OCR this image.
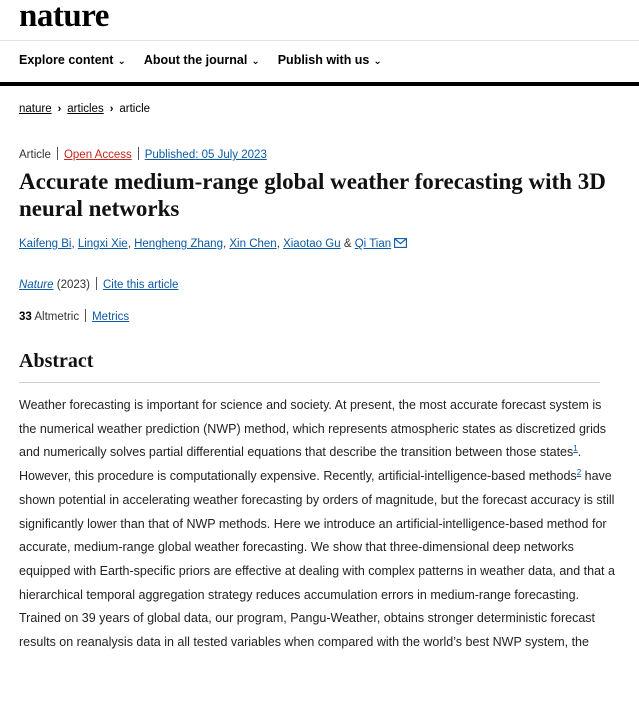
nature
Explore content ⌄ About the journal ⌄ Publish with us ⌄
nature › articles › article
Article Open Access Published: 05 July 2023
Accurate medium-range global weather forecasting with 3D neural networks
Kaifeng Bi, Lingxi Xie, Hengheng Zhang, Xin Chen, Xiaotao Gu & Qi Tian
Nature (2023) Cite this article
33 Altmetric Metrics
Abstract

Weather forecasting is important for science and society. At present, the most accurate forecast system is the numerical weather prediction (NWP) method, which represents atmospheric states as discretized grids and numerically solves partial differential equations that describe the transition between those states$^1$. However, this procedure is computationally expensive. Recently, artificial-intelligence-based methods$^2$ have shown potential in accelerating weather forecasting by orders of magnitude, but the forecast accuracy is still significantly lower than that of NWP methods. Here we introduce an artificial-intelligence-based method for accurate, medium-range global weather forecasting. We show that three-dimensional deep networks equipped with Earth-specific priors are effective at dealing with complex patterns in weather data, and that a hierarchical temporal aggregation strategy reduces accumulation errors in medium-range forecasting. Trained on 39 years of global data, our program, Pangu-Weather, obtains stronger deterministic forecast results on reanalysis data in all tested variables when compared with the world’s best NWP system, the
